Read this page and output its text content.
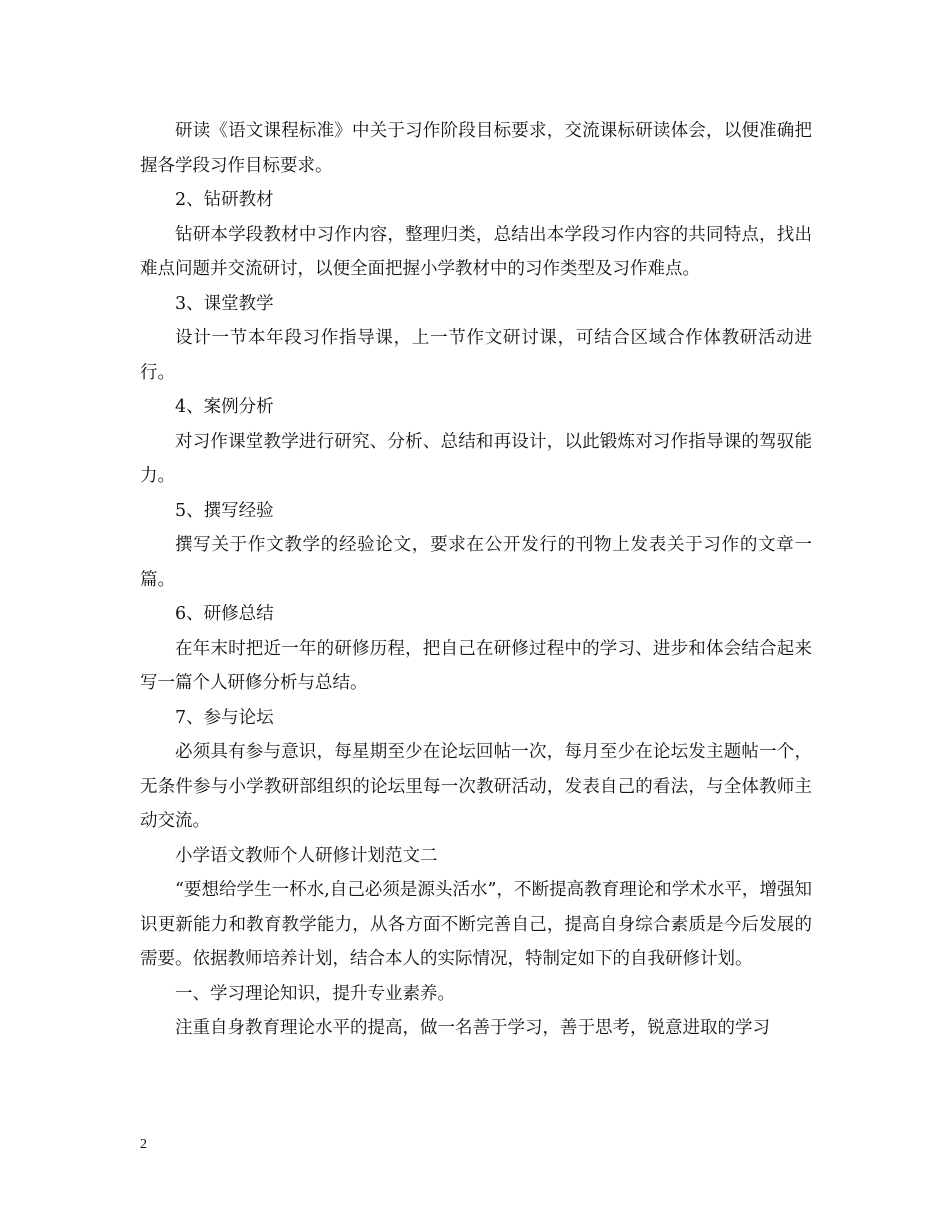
研读《语文课程标准》中关于习作阶段目标要求，交流课标研读体会，以便准确把握各学段习作目标要求。

2、钻研教材

钻研本学段教材中习作内容，整理归类，总结出本学段习作内容的共同特点，找出难点问题并交流研讨，以便全面把握小学教材中的习作类型及习作难点。

3、课堂教学

设计一节本年段习作指导课，上一节作文研讨课，可结合区域合作体教研活动进行。

4、案例分析

对习作课堂教学进行研究、分析、总结和再设计，以此锻炼对习作指导课的驾驭能力。

5、撰写经验

撰写关于作文教学的经验论文，要求在公开发行的刊物上发表关于习作的文章一篇。

6、研修总结

在年末时把近一年的研修历程，把自己在研修过程中的学习、进步和体会结合起来写一篇个人研修分析与总结。

7、参与论坛

必须具有参与意识，每星期至少在论坛回帖一次，每月至少在论坛发主题帖一个，无条件参与小学教研部组织的论坛里每一次教研活动，发表自己的看法，与全体教师主动交流。

小学语文教师个人研修计划范文二

“要想给学生一杯水,自己必须是源头活水”，不断提高教育理论和学术水平，增强知识更新能力和教育教学能力，从各方面不断完善自己，提高自身综合素质是今后发展的需要。依据教师培养计划，结合本人的实际情况，特制定如下的自我研修计划。

一、学习理论知识，提升专业素养。

注重自身教育理论水平的提高，做一名善于学习，善于思考，锐意进取的学习

2
